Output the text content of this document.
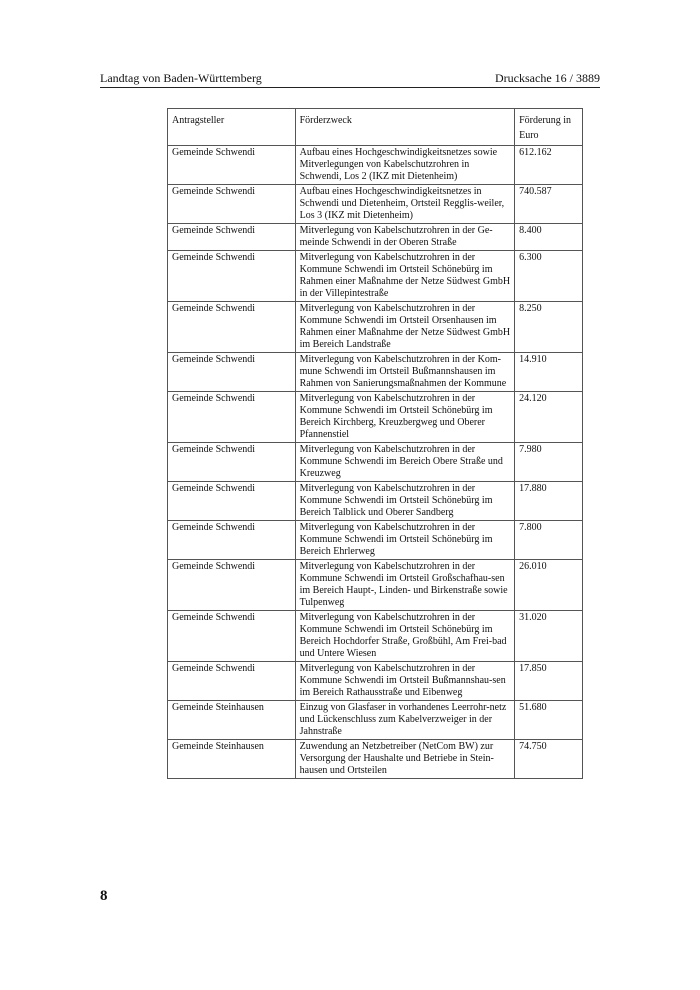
Landtag von Baden-Württemberg	Drucksache 16 / 3889
Antragsteller	Förderzweck	Förderung in Euro
Gemeinde Schwendi	Aufbau eines Hochgeschwindigkeitsnetzes sowie Mitverlegungen von Kabelschutzrohren in Schwendi, Los 2 (IKZ mit Dietenheim)	612.162
Gemeinde Schwendi	Aufbau eines Hochgeschwindigkeitsnetzes in Schwendi und Dietenheim, Ortsteil Regglis-weiler, Los 3 (IKZ mit Dietenheim)	740.587
Gemeinde Schwendi	Mitverlegung von Kabelschutzrohren in der Ge-meinde Schwendi in der Oberen Straße	8.400
Gemeinde Schwendi	Mitverlegung von Kabelschutzrohren in der Kommune Schwendi im Ortsteil Schönebürg im Rahmen einer Maßnahme der Netze Südwest GmbH in der Villepintestraße	6.300
Gemeinde Schwendi	Mitverlegung von Kabelschutzrohren in der Kommune Schwendi im Ortsteil Orsenhausen im Rahmen einer Maßnahme der Netze Südwest GmbH im Bereich Landstraße	8.250
Gemeinde Schwendi	Mitverlegung von Kabelschutzrohren in der Kom-mune Schwendi im Ortsteil Bußmannshausen im Rahmen von Sanierungsmaßnahmen der Kommune	14.910
Gemeinde Schwendi	Mitverlegung von Kabelschutzrohren in der Kommune Schwendi im Ortsteil Schönebürg im Bereich Kirchberg, Kreuzbergweg und Oberer Pfannenstiel	24.120
Gemeinde Schwendi	Mitverlegung von Kabelschutzrohren in der Kommune Schwendi im Bereich Obere Straße und Kreuzweg	7.980
Gemeinde Schwendi	Mitverlegung von Kabelschutzrohren in der Kommune Schwendi im Ortsteil Schönebürg im Bereich Talblick und Oberer Sandberg	17.880
Gemeinde Schwendi	Mitverlegung von Kabelschutzrohren in der Kommune Schwendi im Ortsteil Schönebürg im Bereich Ehrlerweg	7.800
Gemeinde Schwendi	Mitverlegung von Kabelschutzrohren in der Kommune Schwendi im Ortsteil Großschafhau-sen im Bereich Haupt-, Linden- und Birkenstraße sowie Tulpenweg	26.010
Gemeinde Schwendi	Mitverlegung von Kabelschutzrohren in der Kommune Schwendi im Ortsteil Schönebürg im Bereich Hochdorfer Straße, Großbühl, Am Frei-bad und Untere Wiesen	31.020
Gemeinde Schwendi	Mitverlegung von Kabelschutzrohren in der Kommune Schwendi im Ortsteil Bußmannshau-sen im Bereich Rathausstraße und Eibenweg	17.850
Gemeinde Steinhausen	Einzug von Glasfaser in vorhandenes Leerrohr-netz und Lückenschluss zum Kabelverzweiger in der Jahnstraße	51.680
Gemeinde Steinhausen	Zuwendung an Netzbetreiber (NetCom BW) zur Versorgung der Haushalte und Betriebe in Stein-hausen und Ortsteilen	74.750
8
